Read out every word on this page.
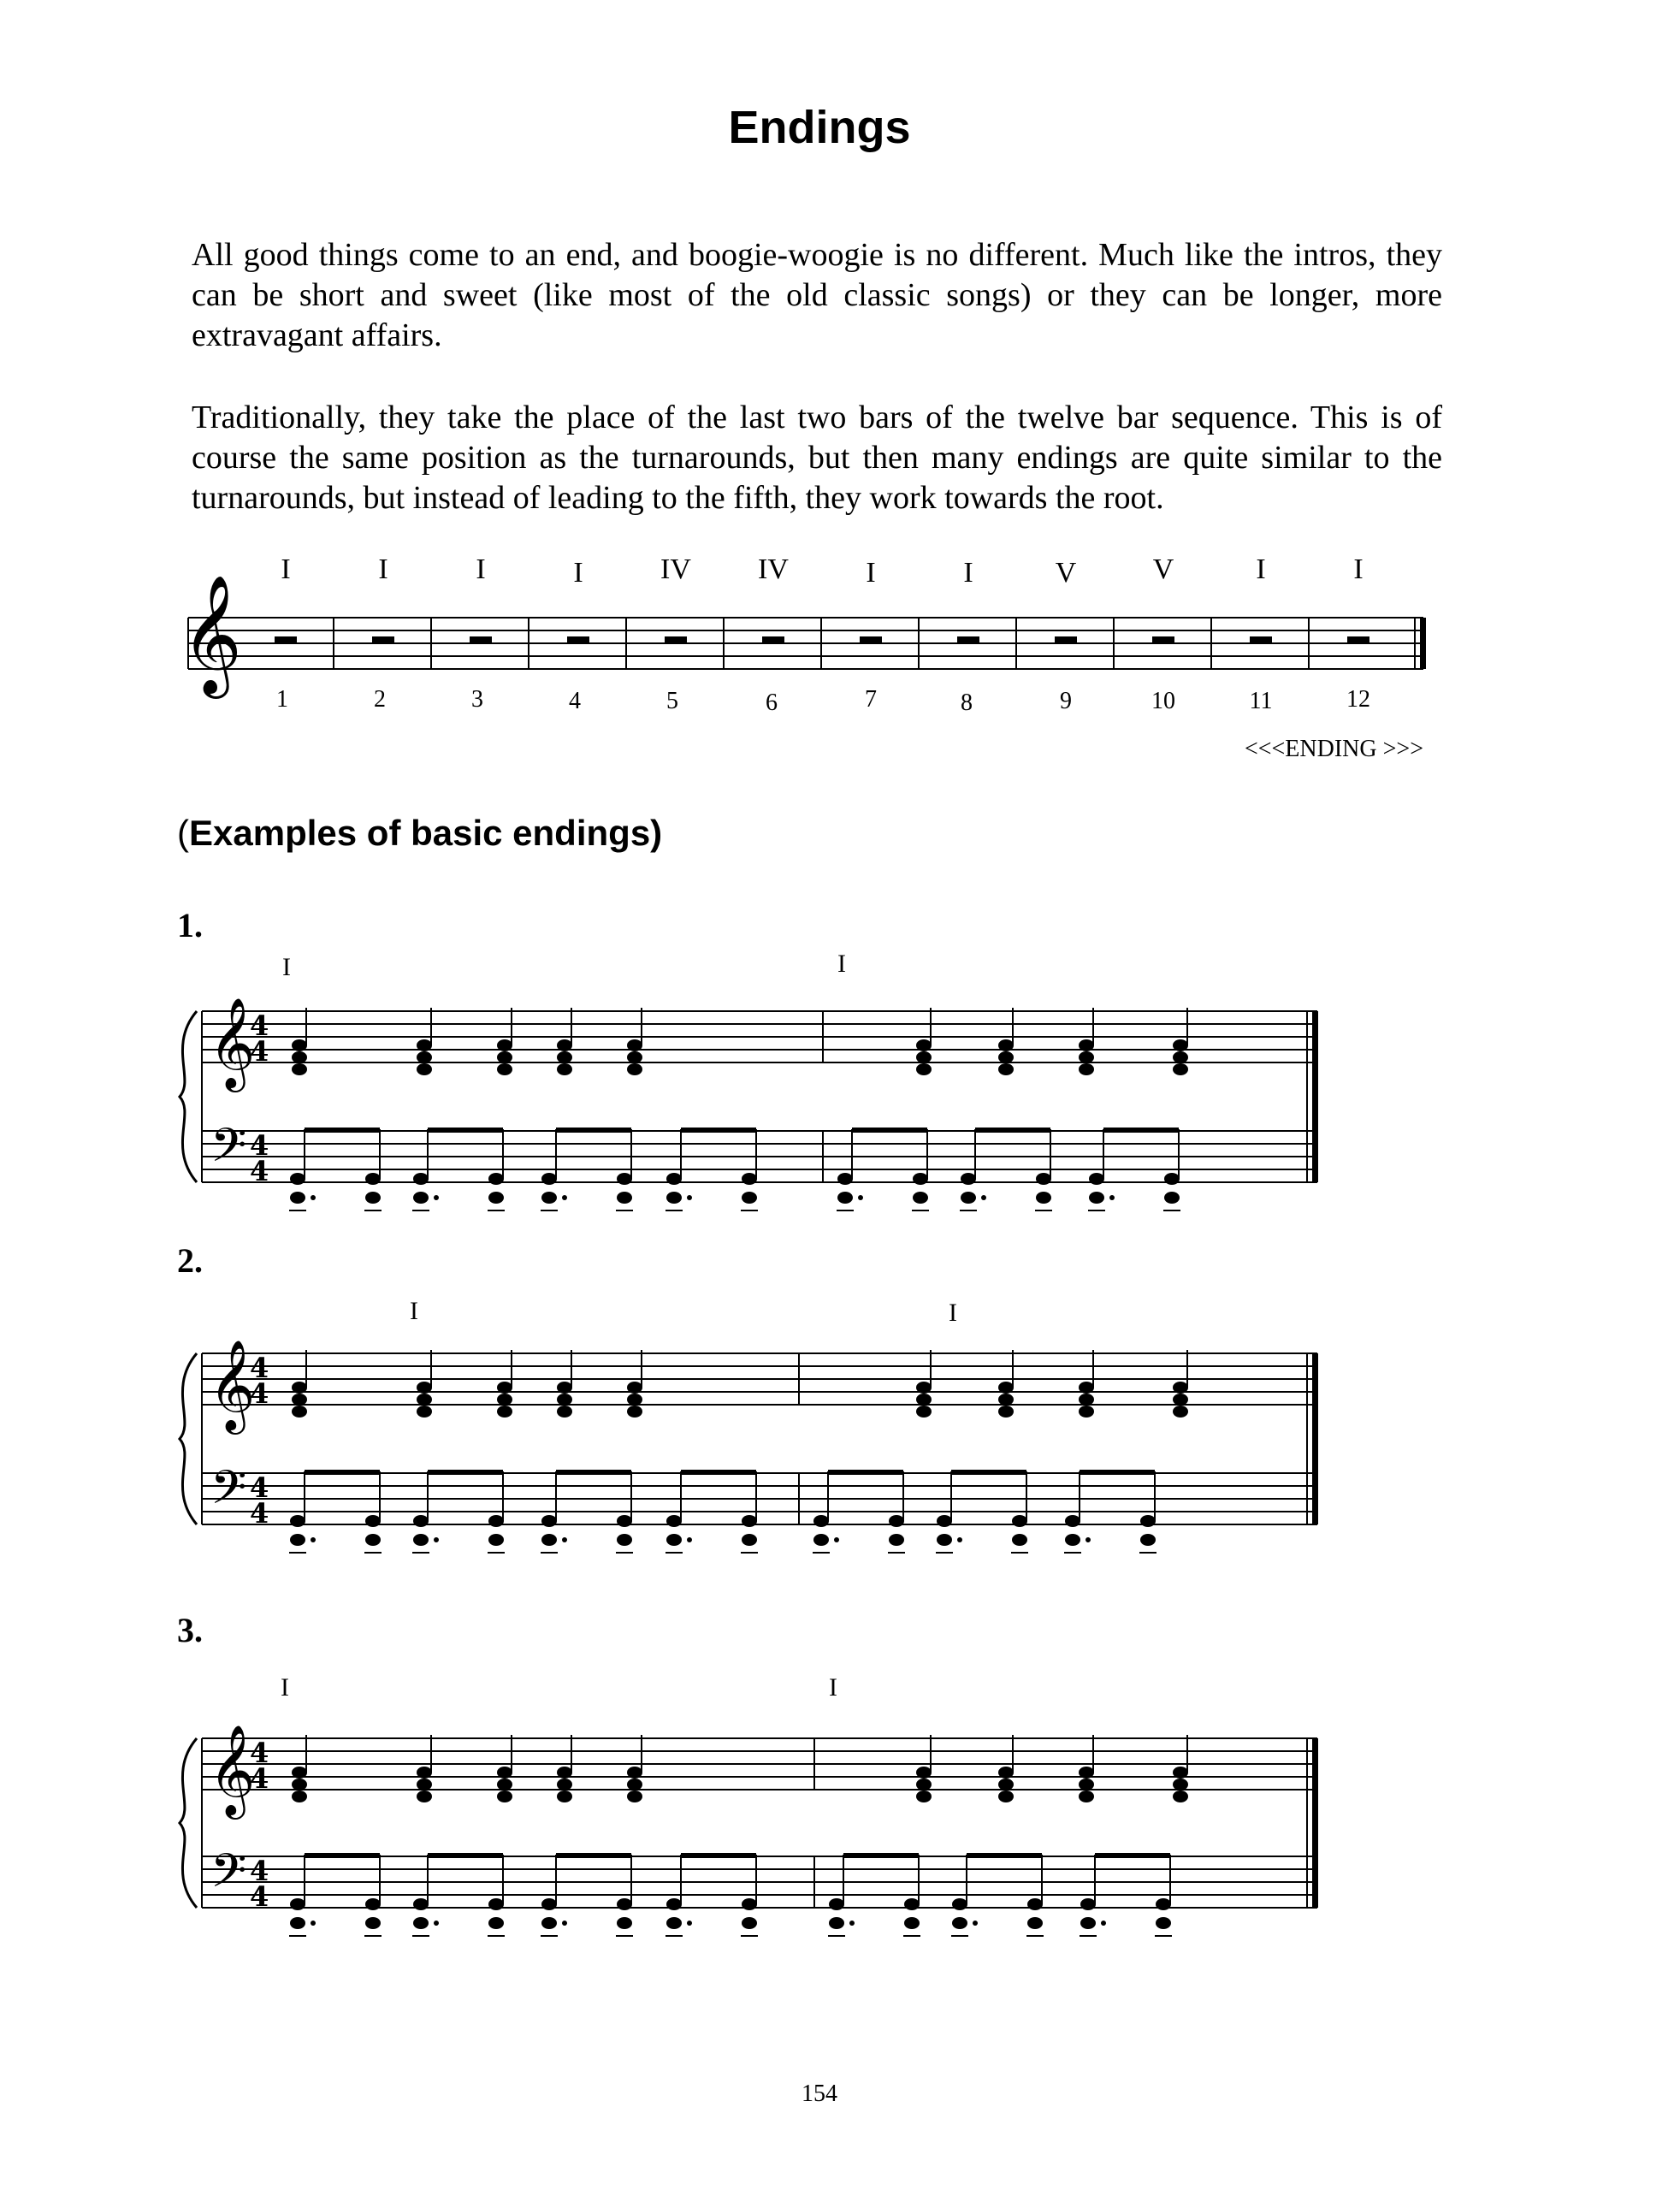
Endings

All good things come to an end, and boogie-woogie is no different. Much like the intros, they can be short and sweet (like most of the old classic songs) or they can be longer, more extravagant affairs.

Traditionally, they take the place of the last two bars of the twelve bar sequence. This is of course the same position as the turnarounds, but then many endings are quite similar to the turnarounds, but instead of leading to the fifth, they work towards the root.

𝄞
I	I	I	I	IV IV	I	I	V	V	I	I
1	2	3	4	5	6	7	8	9	10	11	12
<<<ENDING >>>
(Examples of basic endings)
1.
2.
3.
I	I
I	I
I	I
𝄞
𝄢
4
4
4
4
𝄞
𝄢
4
4
4
4
𝄞
𝄢
4
4
4
4
154
